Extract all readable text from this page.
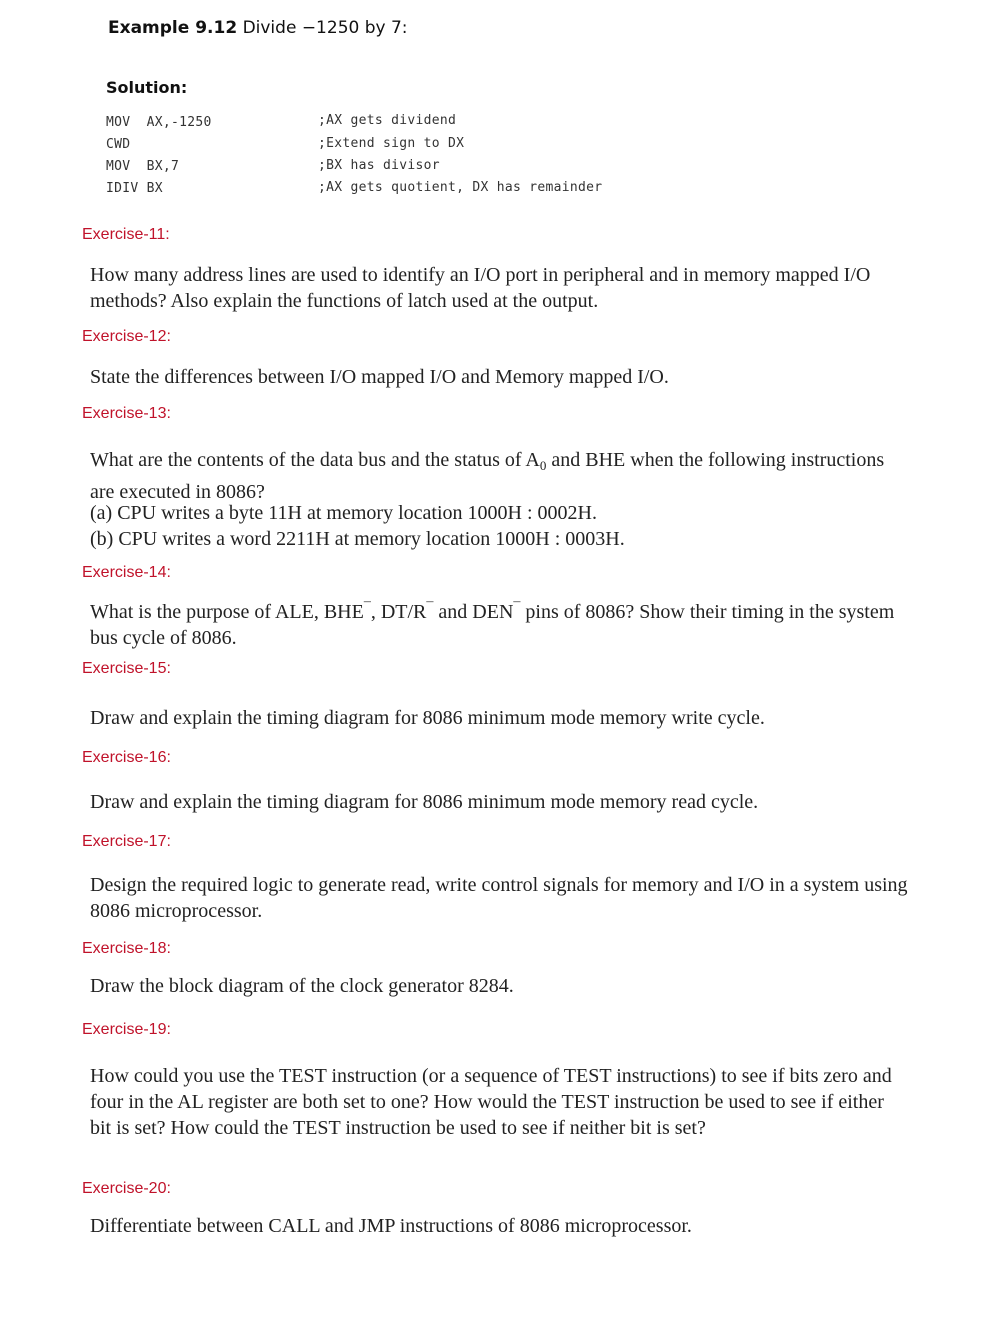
Example 9.12 Divide −1250 by 7:
Solution:
MOV  AX,-1250	;AX gets dividend
CWD	;Extend sign to DX
MOV  BX,7	;BX has divisor
IDIV BX	;AX gets quotient, DX has remainder
Exercise-11:
How many address lines are used to identify an I/O port in peripheral and in memory mapped I/O methods? Also explain the functions of latch used at the output.
Exercise-12:
State the differences between I/O mapped I/O and Memory mapped I/O.
Exercise-13:
What are the contents of the data bus and the status of $A_0$ and BHE when the following instructions are executed in 8086?
(a) CPU writes a byte 11H at memory location 1000H : 0002H.
(b) CPU writes a word 2211H at memory location 1000H : 0003H.
Exercise-14:
What is the purpose of ALE, BHE¯, DT/R¯ and DEN¯ pins of 8086? Show their timing in the system bus cycle of 8086.
Exercise-15:
Draw and explain the timing diagram for 8086 minimum mode memory write cycle.
Exercise-16:
Draw and explain the timing diagram for 8086 minimum mode memory read cycle.
Exercise-17:
Design the required logic to generate read, write control signals for memory and I/O in a system using 8086 microprocessor.
Exercise-18:
Draw the block diagram of the clock generator 8284.
Exercise-19:
How could you use the TEST instruction (or a sequence of TEST instructions) to see if bits zero and four in the AL register are both set to one? How would the TEST instruction be used to see if either bit is set? How could the TEST instruction be used to see if neither bit is set?
Exercise-20:
Differentiate between CALL and JMP instructions of 8086 microprocessor.
